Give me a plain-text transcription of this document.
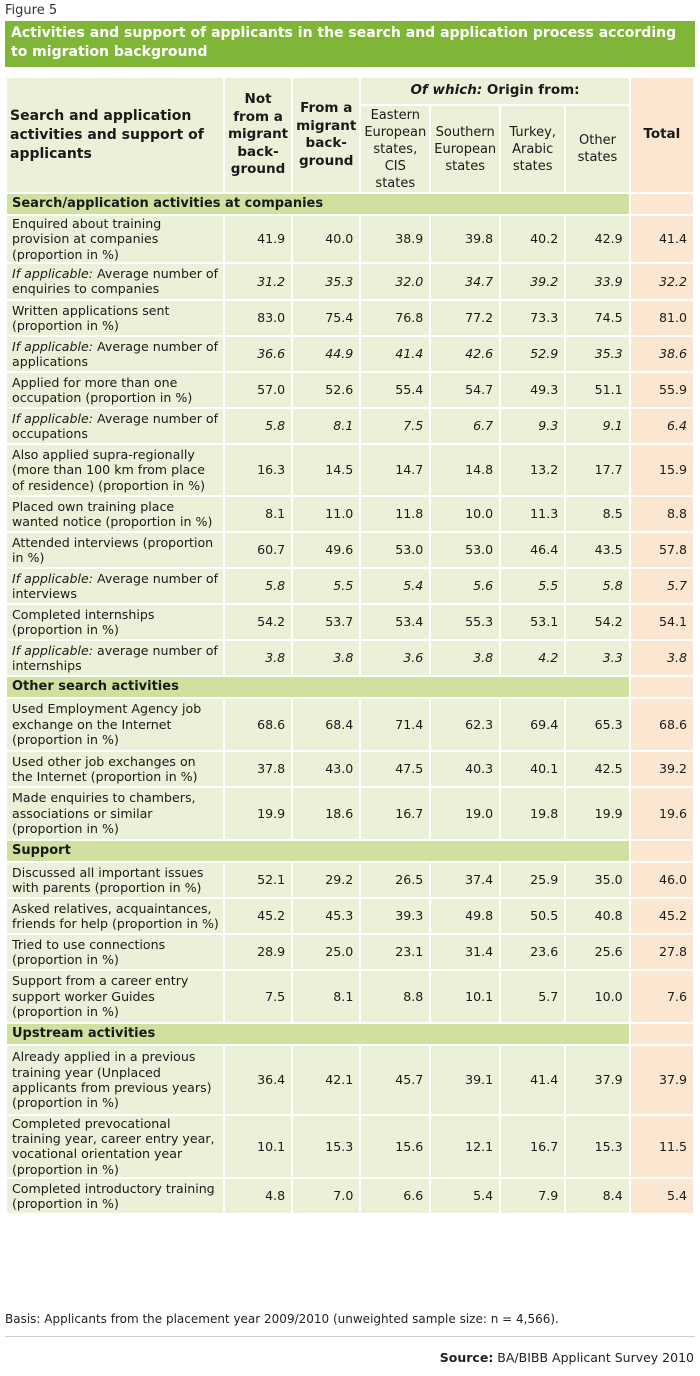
Figure 5
Activities and support of applicants in the search and application process according to migration background
Search and application activities and support of applicants	Not from a migrant back-ground	From a migrant back-ground	Of which: Origin from:				Total
			Eastern European states, CIS states	Southern European states	Turkey, Arabic states	Other states	
Search/application activities at companies							
Enquired about training provision at companies (proportion in %)	41.9	40.0	38.9	39.8	40.2	42.9	41.4
If applicable: Average number of enquiries to companies	31.2	35.3	32.0	34.7	39.2	33.9	32.2
Written applications sent (proportion in %)	83.0	75.4	76.8	77.2	73.3	74.5	81.0
If applicable: Average number of applications	36.6	44.9	41.4	42.6	52.9	35.3	38.6
Applied for more than one occupation (proportion in %)	57.0	52.6	55.4	54.7	49.3	51.1	55.9
If applicable: Average number of occupations	5.8	8.1	7.5	6.7	9.3	9.1	6.4
Also applied supra-regionally (more than 100 km from place of residence) (proportion in %)	16.3	14.5	14.7	14.8	13.2	17.7	15.9
Placed own training place wanted notice (proportion in %)	8.1	11.0	11.8	10.0	11.3	8.5	8.8
Attended interviews (proportion in %)	60.7	49.6	53.0	53.0	46.4	43.5	57.8
If applicable: Average number of interviews	5.8	5.5	5.4	5.6	5.5	5.8	5.7
Completed internships (proportion in %)	54.2	53.7	53.4	55.3	53.1	54.2	54.1
If applicable: average number of internships	3.8	3.8	3.6	3.8	4.2	3.3	3.8
Other search activities							
Used Employment Agency job exchange on the Internet (proportion in %)	68.6	68.4	71.4	62.3	69.4	65.3	68.6
Used other job exchanges on the Internet (proportion in %)	37.8	43.0	47.5	40.3	40.1	42.5	39.2
Made enquiries to chambers, associations or similar (proportion in %)	19.9	18.6	16.7	19.0	19.8	19.9	19.6
Support							
Discussed all important issues with parents (proportion in %)	52.1	29.2	26.5	37.4	25.9	35.0	46.0
Asked relatives, acquaintances, friends for help (proportion in %)	45.2	45.3	39.3	49.8	50.5	40.8	45.2
Tried to use connections (proportion in %)	28.9	25.0	23.1	31.4	23.6	25.6	27.8
Support from a career entry support worker Guides (proportion in %)	7.5	8.1	8.8	10.1	5.7	10.0	7.6
Upstream activities							
Already applied in a previous training year (Unplaced applicants from previous years) (proportion in %)	36.4	42.1	45.7	39.1	41.4	37.9	37.9
Completed prevocational training year, career entry year, vocational orientation year (proportion in %)	10.1	15.3	15.6	12.1	16.7	15.3	11.5
Completed introductory training (proportion in %)	4.8	7.0	6.6	5.4	7.9	8.4	5.4
Basis: Applicants from the placement year 2009/2010 (unweighted sample size: n = 4,566).
Source: BA/BIBB Applicant Survey 2010
